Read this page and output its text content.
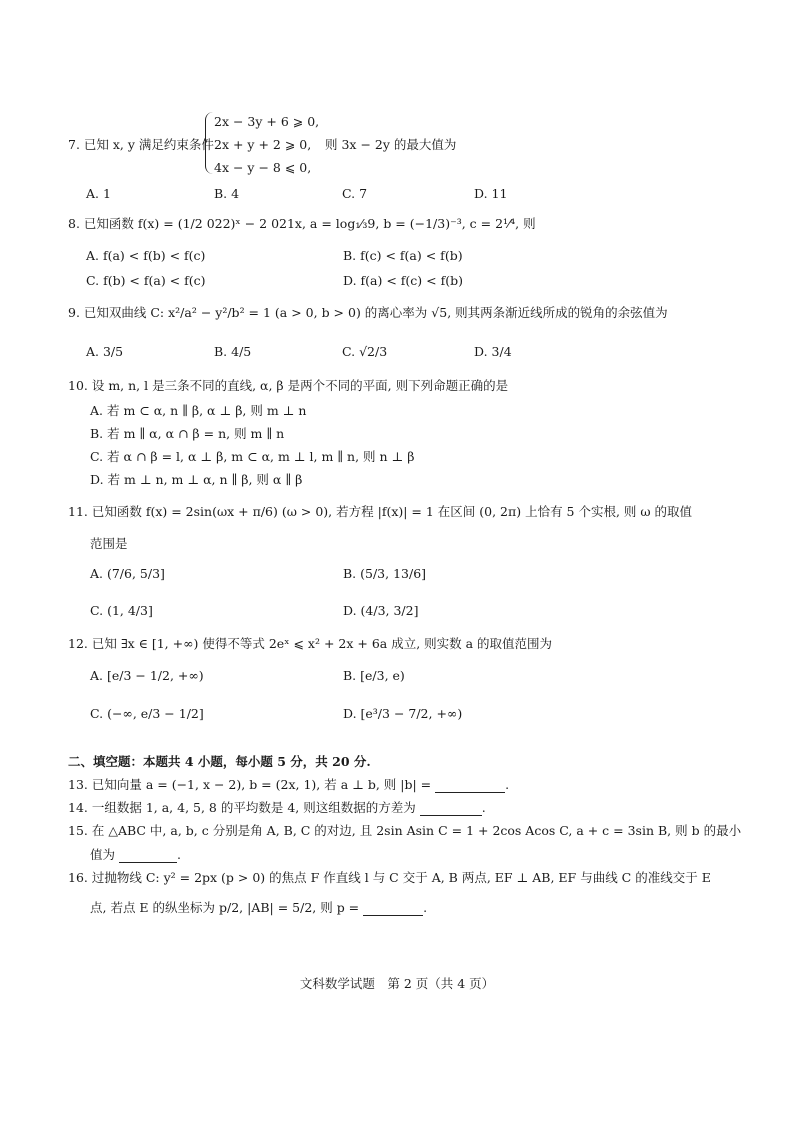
7. 已知 x, y 满足约束条件
2x − 3y + 6 ⩾ 0,
2x + y + 2 ⩾ 0,
4x − y − 8 ⩽ 0,
则 3x − 2y 的最大值为
A. 1	B. 4	C. 7	D. 11
8. 已知函数 f(x) = (1/2 022)ˣ − 2 021x, a = log₁⁄₃9, b = (−1/3)⁻³, c = 2¹⁄⁴, 则
A. f(a) < f(b) < f(c)	B. f(c) < f(a) < f(b)
C. f(b) < f(a) < f(c)	D. f(a) < f(c) < f(b)
9. 已知双曲线 C: x²/a² − y²/b² = 1 (a > 0, b > 0) 的离心率为 √5, 则其两条渐近线所成的锐角的余弦值为
A. 3/5	B. 4/5	C. √2/3	D. 3/4
10. 设 m, n, l 是三条不同的直线, α, β 是两个不同的平面, 则下列命题正确的是
A. 若 m ⊂ α, n ∥ β, α ⊥ β, 则 m ⊥ n
B. 若 m ∥ α, α ∩ β = n, 则 m ∥ n
C. 若 α ∩ β = l, α ⊥ β, m ⊂ α, m ⊥ l, m ∥ n, 则 n ⊥ β
D. 若 m ⊥ n, m ⊥ α, n ∥ β, 则 α ∥ β
11. 已知函数 f(x) = 2sin(ωx + π/6) (ω > 0), 若方程 |f(x)| = 1 在区间 (0, 2π) 上恰有 5 个实根, 则 ω 的取值
范围是
A. (7/6, 5/3]	B. (5/3, 13/6]
C. (1, 4/3]	D. (4/3, 3/2]
12. 已知 ∃x ∈ [1, +∞) 使得不等式 2eˣ ⩽ x² + 2x + 6a 成立, 则实数 a 的取值范围为
A. [e/3 − 1/2, +∞)	B. [e/3, e)
C. (−∞, e/3 − 1/2]	D. [e³/3 − 7/2, +∞)
二、填空题：本题共 4 小题，每小题 5 分，共 20 分.
13. 已知向量 a = (−1, x − 2), b = (2x, 1), 若 a ⊥ b, 则 |b| =	.
14. 一组数据 1, a, 4, 5, 8 的平均数是 4, 则这组数据的方差为	.
15. 在 △ABC 中, a, b, c 分别是角 A, B, C 的对边, 且 2sin Asin C = 1 + 2cos Acos C, a + c = 3sin B, 则 b 的最小
值为	.
16. 过抛物线 C: y² = 2px (p > 0) 的焦点 F 作直线 l 与 C 交于 A, B 两点, EF ⊥ AB, EF 与曲线 C 的准线交于 E
点, 若点 E 的纵坐标为 p/2, |AB| = 5/2, 则 p =	.
文科数学试题　第 2 页（共 4 页）
